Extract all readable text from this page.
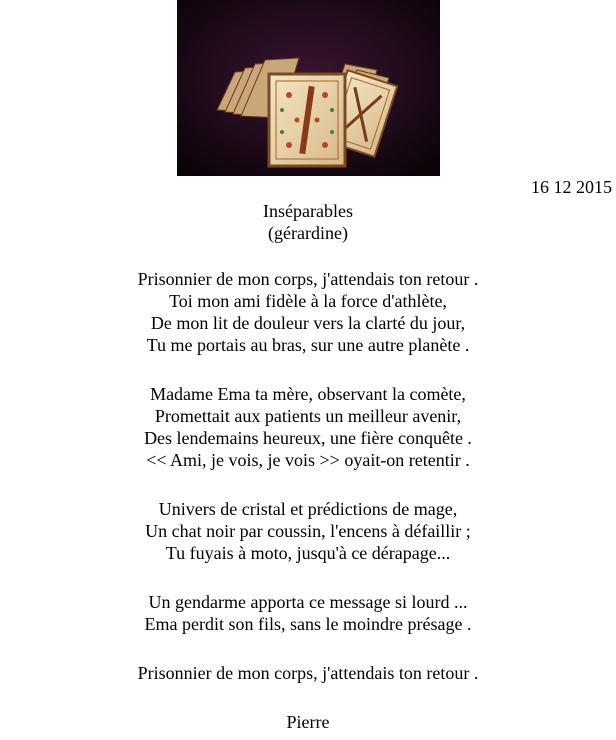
16 12 2015
Inséparables
(gérardine)
Prisonnier de mon corps, j'attendais ton retour .
Toi mon ami fidèle à la force d'athlète,
De mon lit de douleur vers la clarté du jour,
Tu me portais au bras, sur une autre planète .
Madame Ema ta mère, observant la comète,
Promettait aux patients un meilleur avenir,
Des lendemains heureux, une fière conquête .
<< Ami, je vois, je vois >> oyait-on retentir .
Univers de cristal et prédictions de mage,
Un chat noir par coussin, l'encens à défaillir ;
Tu fuyais à moto, jusqu'à ce dérapage...
Un gendarme apporta ce message si lourd ...
Ema perdit son fils, sans le moindre présage .
Prisonnier de mon corps, j'attendais ton retour .
Pierre
